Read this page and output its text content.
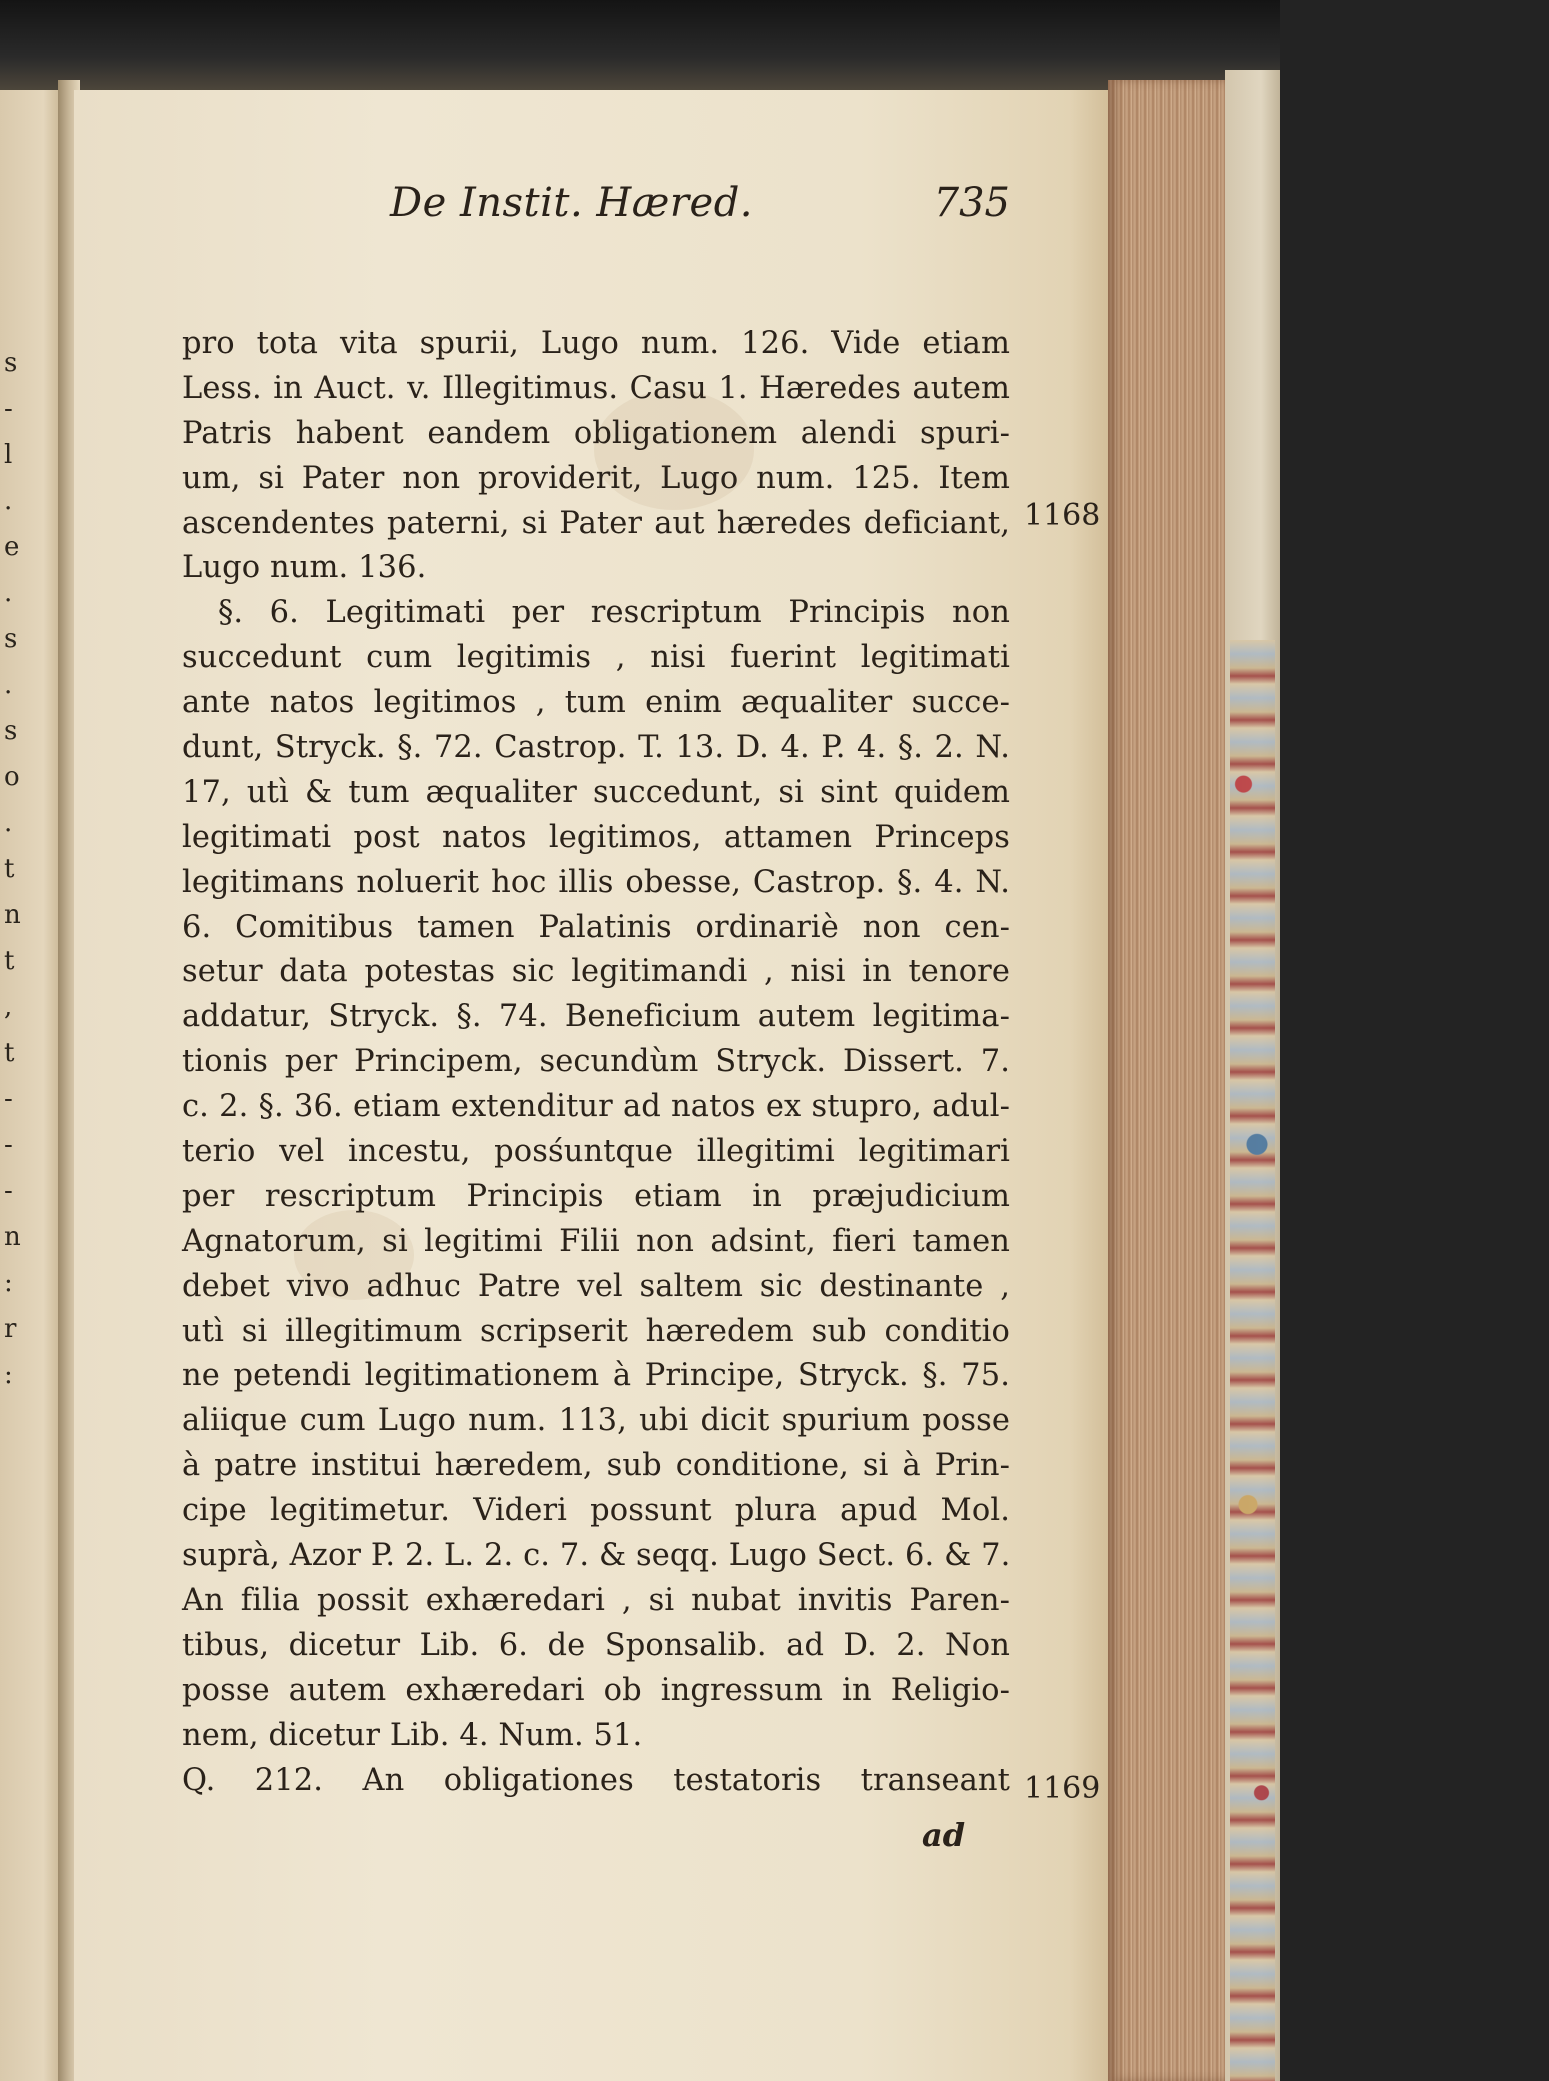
s
-
l
.
e
.
s
.
s
o
.
t
n
t
,
t
-
-
-
n
:
r
:
De Instit. Hæred.	735
pro tota vita spurii, Lugo num. 126. Vide etiam
Less. in Auct. v. Illegitimus. Casu 1. Hæredes autem
Patris habent eandem obligationem alendi spuri-
um, si Pater non providerit, Lugo num. 125. Item
ascendentes paterni, si Pater aut hæredes deficiant,
Lugo num. 136.
§. 6. Legitimati per rescriptum Principis non
succedunt cum legitimis , nisi fuerint legitimati
ante natos legitimos , tum enim æqualiter succe-
dunt, Stryck. §. 72. Castrop. T. 13. D. 4. P. 4. §. 2. N.
17, utì & tum æqualiter succedunt, si sint quidem
legitimati post natos legitimos, attamen Princeps
legitimans noluerit hoc illis obesse, Castrop. §. 4. N.
6. Comitibus tamen Palatinis ordinariè non cen-
setur data potestas sic legitimandi , nisi in tenore
addatur, Stryck. §. 74. Beneficium autem legitima-
tionis per Principem, secundùm Stryck. Dissert. 7.
c. 2. §. 36. etiam extenditur ad natos ex stupro, adul-
terio vel incestu, posśuntque illegitimi legitimari
per rescriptum Principis etiam in præjudicium
Agnatorum, si legitimi Filii non adsint, fieri tamen
debet vivo adhuc Patre vel saltem sic destinante ,
utì si illegitimum scripserit hæredem sub conditio
ne petendi legitimationem à Principe, Stryck. §. 75.
aliique cum Lugo num. 113, ubi dicit spurium posse
à patre institui hæredem, sub conditione, si à Prin-
cipe legitimetur. Videri possunt plura apud Mol.
suprà, Azor P. 2. L. 2. c. 7. & seqq. Lugo Sect. 6. & 7.
An filia possit exhæredari , si nubat invitis Paren-
tibus, dicetur Lib. 6. de Sponsalib. ad D. 2. Non
posse autem exhæredari ob ingressum in Religio-
nem, dicetur Lib. 4. Num. 51.
Q. 212. An obligationes testatoris transeant
1168
1169
ad
